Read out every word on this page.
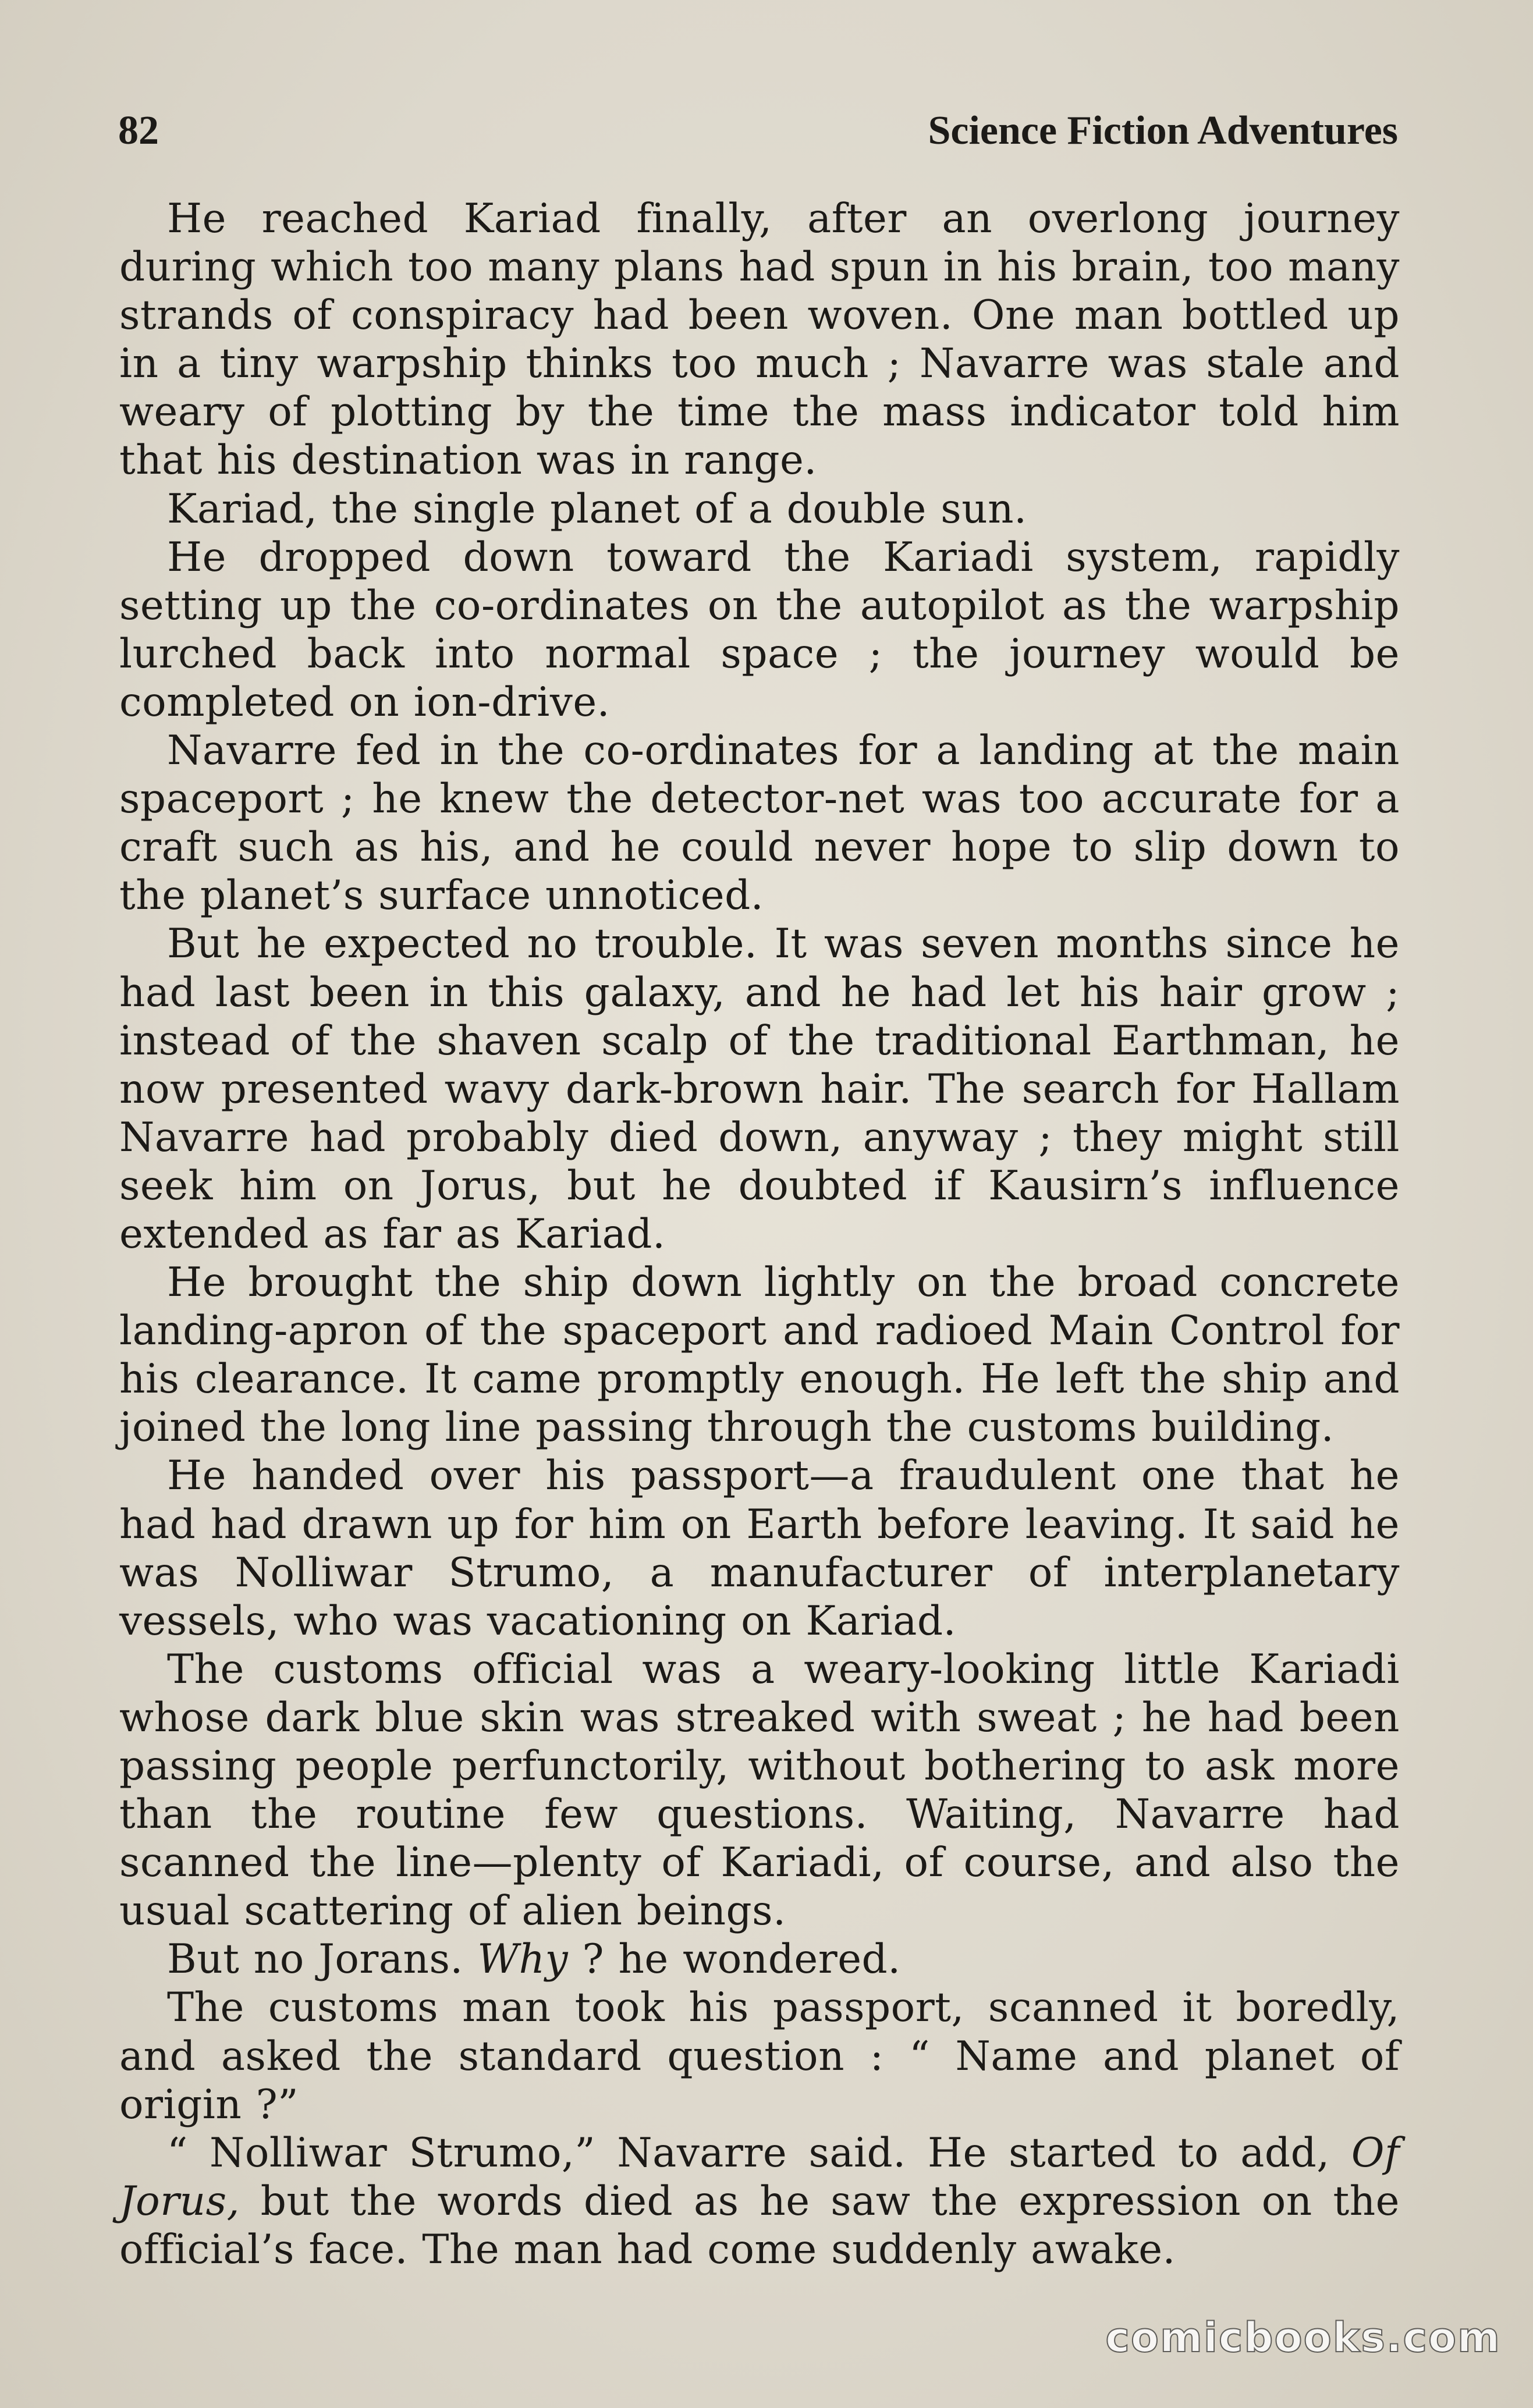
82	Science Fiction Adventures

He reached Kariad finally, after an overlong journey during which too many plans had spun in his brain, too many strands of conspiracy had been woven. One man bottled up in a tiny warpship thinks too much ; Navarre was stale and weary of plotting by the time the mass indicator told him that his destination was in range.

Kariad, the single planet of a double sun.

He dropped down toward the Kariadi system, rapidly setting up the co-ordinates on the autopilot as the warpship lurched back into normal space ; the journey would be completed on ion-drive.

Navarre fed in the co-ordinates for a landing at the main spaceport ; he knew the detector-net was too accurate for a craft such as his, and he could never hope to slip down to the planet’s surface unnoticed.

But he expected no trouble. It was seven months since he had last been in this galaxy, and he had let his hair grow ; instead of the shaven scalp of the traditional Earthman, he now presented wavy dark-brown hair. The search for Hallam Navarre had probably died down, anyway ; they might still seek him on Jorus, but he doubted if Kausirn’s influence extended as far as Kariad.

He brought the ship down lightly on the broad concrete landing-apron of the spaceport and radioed Main Control for his clearance. It came promptly enough. He left the ship and joined the long line passing through the customs building.

He handed over his passport—a fraudulent one that he had had drawn up for him on Earth before leaving. It said he was Nolliwar Strumo, a manufacturer of interplanetary vessels, who was vacationing on Kariad.

The customs official was a weary-looking little Kariadi whose dark blue skin was streaked with sweat ; he had been passing people perfunctorily, without bothering to ask more than the routine few questions. Waiting, Navarre had scanned the line—plenty of Kariadi, of course, and also the usual scattering of alien beings.

But no Jorans. Why ? he wondered.

The customs man took his passport, scanned it boredly, and asked the standard question : “ Name and planet of origin ?”

“ Nolliwar Strumo,” Navarre said. He started to add, Of Jorus, but the words died as he saw the expression on the official’s face. The man had come suddenly awake.

comicbooks.com
